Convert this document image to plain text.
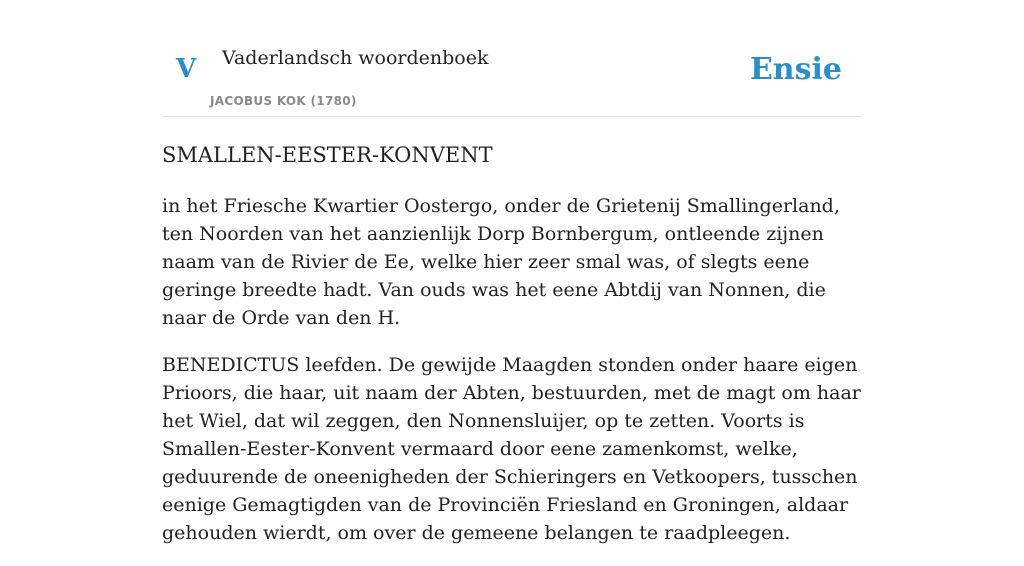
V Vaderlandsch woordenboek
JACOBUS KOK (1780)
Ensie
SMALLEN-EESTER-KONVENT

in het Friesche Kwartier Oostergo, onder de Grietenij Smallingerland, ten Noorden van het aanzienlijk Dorp Bornbergum, ontleende zijnen naam van de Rivier de Ee, welke hier zeer smal was, of slegts eene geringe breedte hadt. Van ouds was het eene Abtdij van Nonnen, die naar de Orde van den H.

BENEDICTUS leefden. De gewijde Maagden stonden onder haare eigen Prioors, die haar, uit naam der Abten, bestuurden, met de magt om haar het Wiel, dat wil zeggen, den Nonnensluijer, op te zetten. Voorts is Smallen-Eester-Konvent vermaard door eene zamenkomst, welke, geduurende de oneenigheden der Schieringers en Vetkoopers, tusschen eenige Gemagtigden van de Provinciën Friesland en Groningen, aldaar gehouden wierdt, om over de gemeene belangen te raadpleegen.
